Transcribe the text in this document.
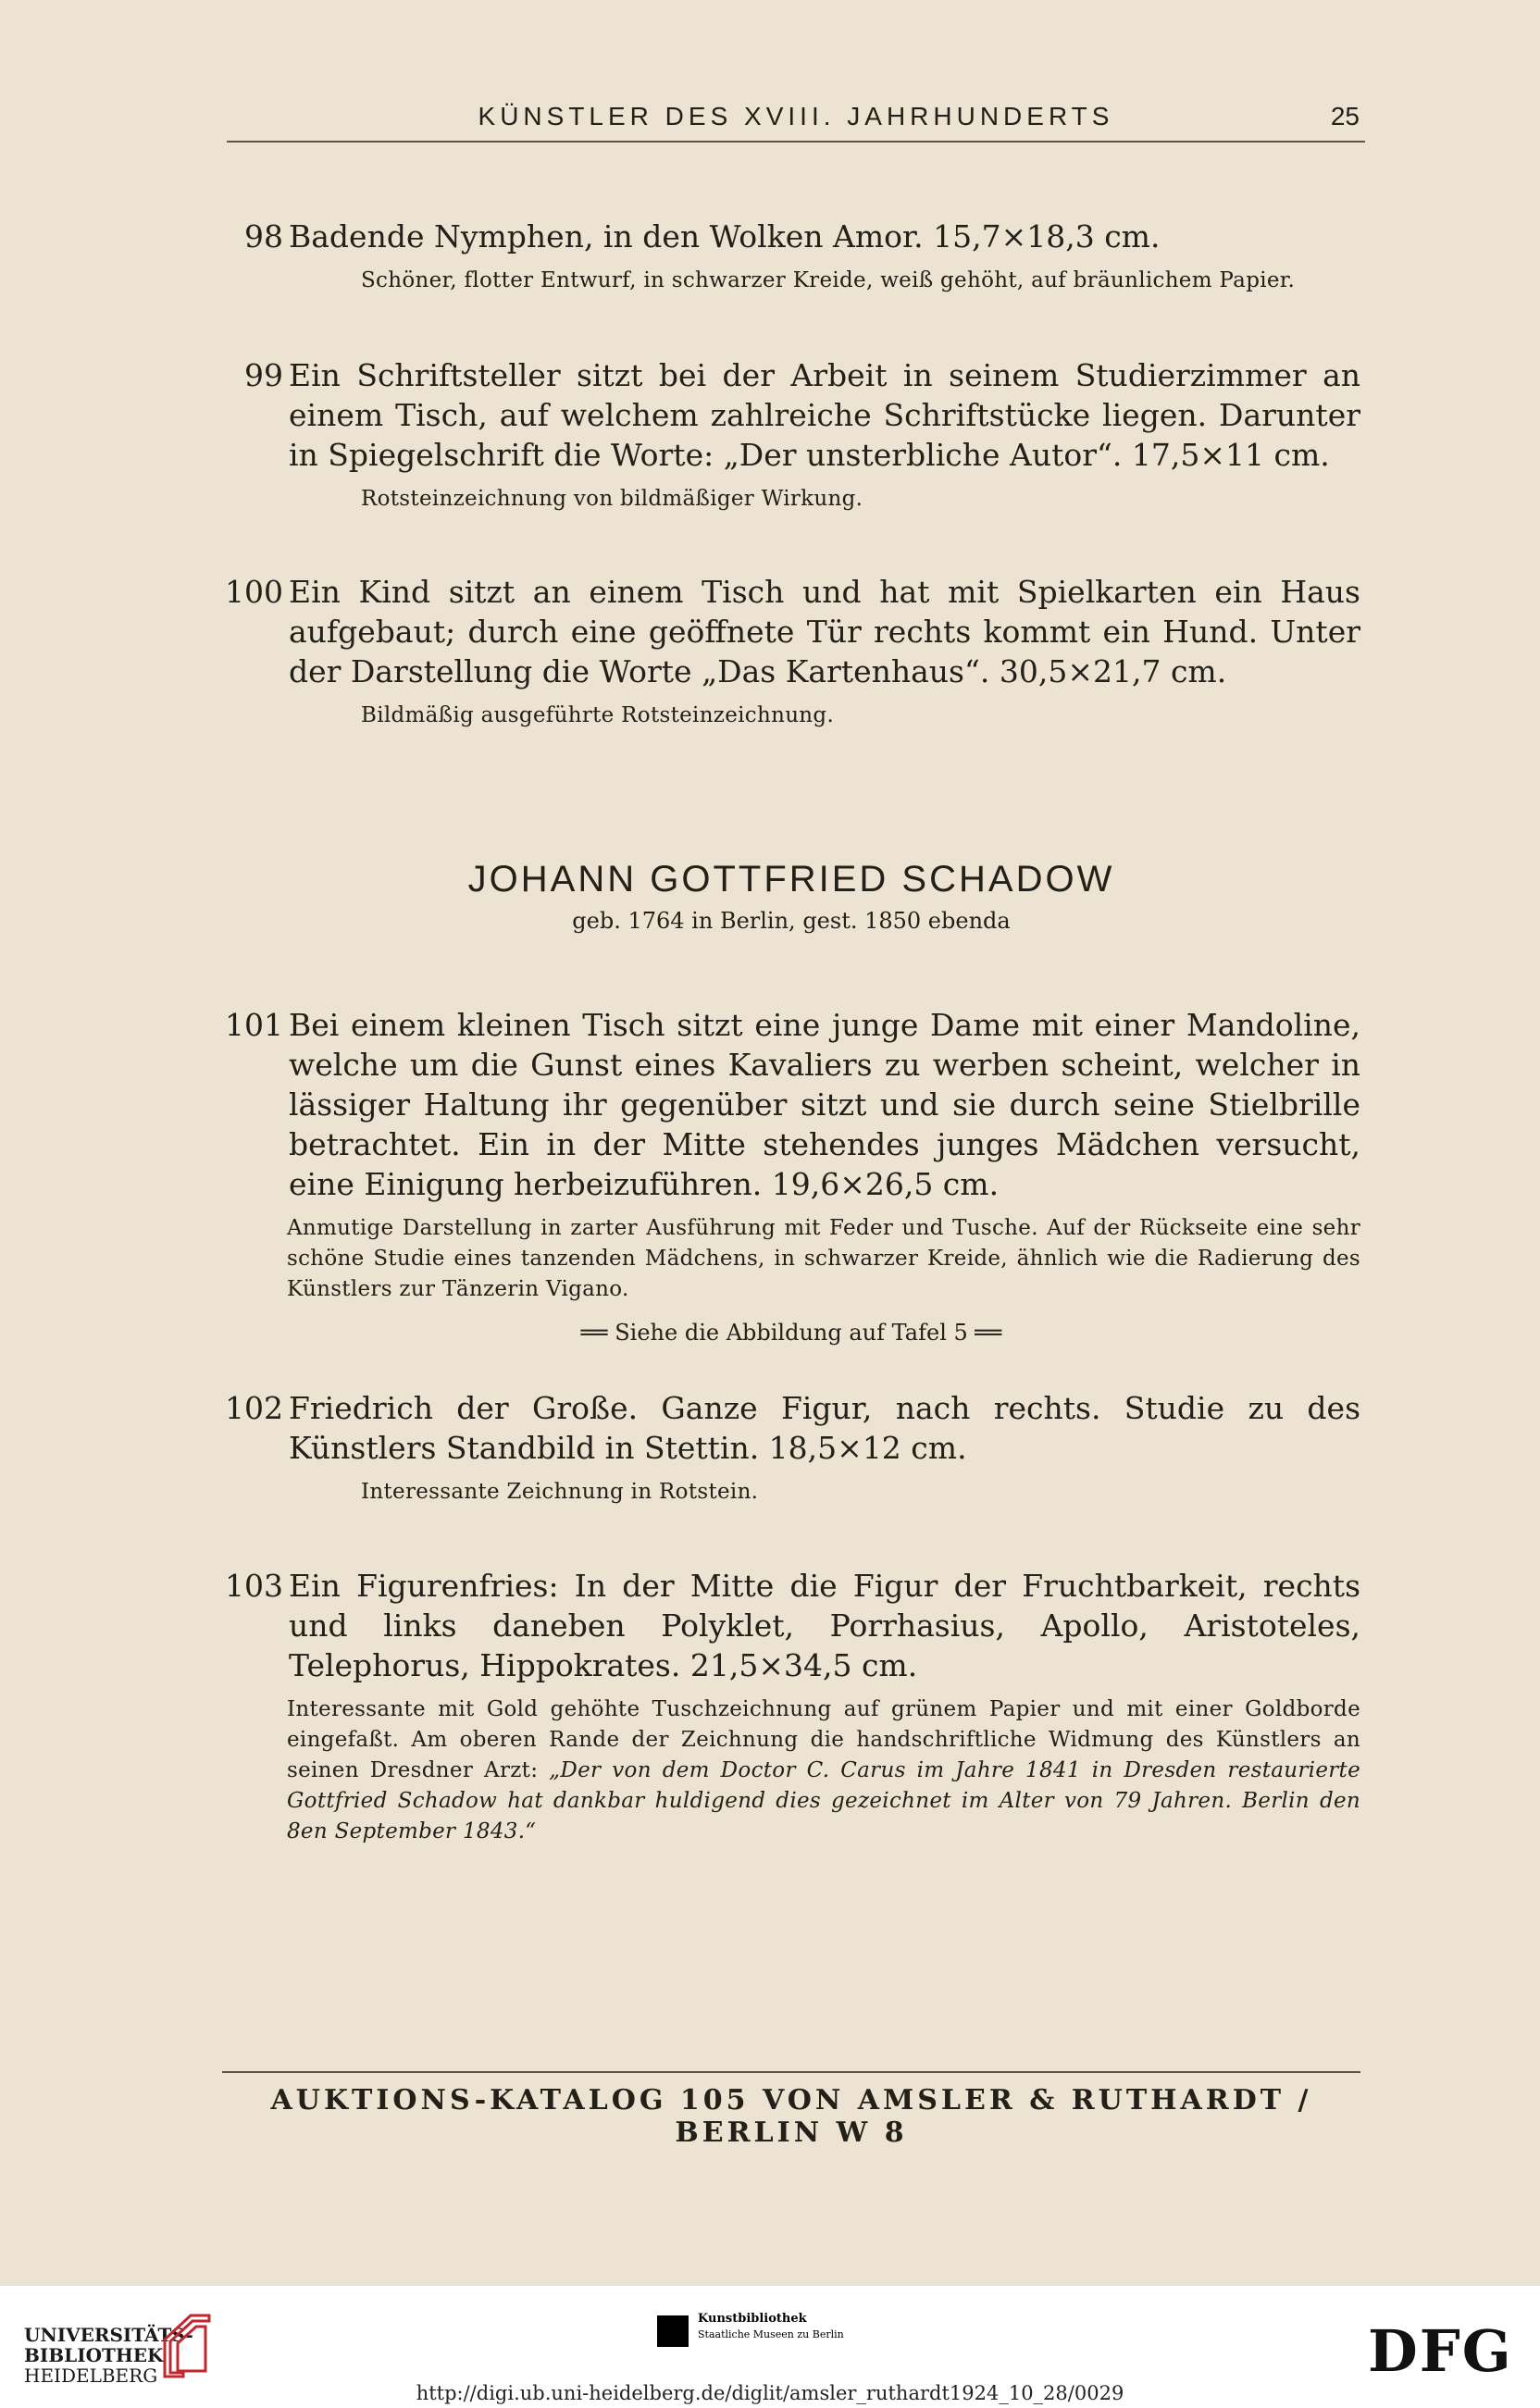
KÜNSTLER DES XVIII. JAHRHUNDERTS	25
98 Badende Nymphen, in den Wolken Amor. 15,7×18,3 cm.
Schöner, flotter Entwurf, in schwarzer Kreide, weiß gehöht, auf bräunlichem Papier.
99 Ein Schriftsteller sitzt bei der Arbeit in seinem Studierzimmer an einem Tisch, auf welchem zahlreiche Schriftstücke liegen. Darunter in Spiegelschrift die Worte: „Der unsterbliche Autor“. 17,5×11 cm.
Rotsteinzeichnung von bildmäßiger Wirkung.
100 Ein Kind sitzt an einem Tisch und hat mit Spielkarten ein Haus aufgebaut; durch eine geöffnete Tür rechts kommt ein Hund. Unter der Darstellung die Worte „Das Kartenhaus“. 30,5×21,7 cm.
Bildmäßig ausgeführte Rotsteinzeichnung.
JOHANN GOTTFRIED SCHADOW
geb. 1764 in Berlin, gest. 1850 ebenda
101 Bei einem kleinen Tisch sitzt eine junge Dame mit einer Mandoline, welche um die Gunst eines Kavaliers zu werben scheint, welcher in lässiger Haltung ihr gegenüber sitzt und sie durch seine Stielbrille betrachtet. Ein in der Mitte stehendes junges Mädchen versucht, eine Einigung herbeizuführen. 19,6×26,5 cm.
Anmutige Darstellung in zarter Ausführung mit Feder und Tusche. Auf der Rückseite eine sehr schöne Studie eines tanzenden Mädchens, in schwarzer Kreide, ähnlich wie die Radierung des Künstlers zur Tänzerin Vigano.
══ Siehe die Abbildung auf Tafel 5 ══
102 Friedrich der Große. Ganze Figur, nach rechts. Studie zu des Künstlers Standbild in Stettin. 18,5×12 cm.
Interessante Zeichnung in Rotstein.
103 Ein Figurenfries: In der Mitte die Figur der Fruchtbarkeit, rechts und links daneben Polyklet, Porrhasius, Apollo, Aristoteles, Telephorus, Hippokrates. 21,5×34,5 cm.
Interessante mit Gold gehöhte Tuschzeichnung auf grünem Papier und mit einer Goldborde eingefaßt. Am oberen Rande der Zeichnung die handschriftliche Widmung des Künstlers an seinen Dresdner Arzt: „Der von dem Doctor C. Carus im Jahre 1841 in Dresden restaurierte Gottfried Schadow hat dankbar huldigend dies gezeichnet im Alter von 79 Jahren. Berlin den 8en September 1843.“
AUKTIONS-KATALOG 105 VON AMSLER & RUTHARDT / BERLIN W 8
UNIVERSITÄTS-
BIBLIOTHEK
HEIDELBERG
Kunstbibliothek
Staatliche Museen zu Berlin	DFG
http://digi.ub.uni-heidelberg.de/diglit/amsler_ruthardt1924_10_28/0029
